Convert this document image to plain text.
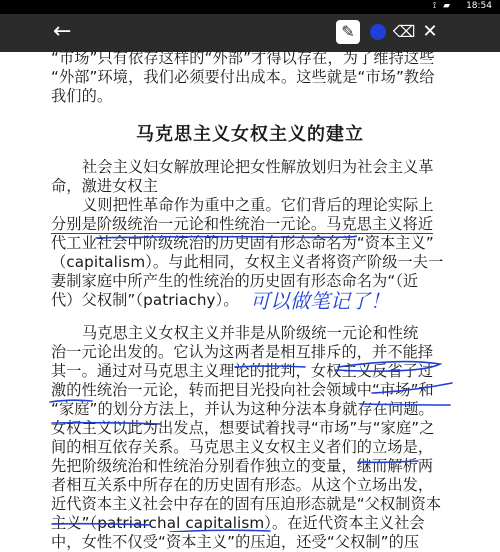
⟟ ▰ 18:54
←	✎	⌫ ✕
“市场”只有依存这样的“外部”才得以存在，为了维持这些
“外部”环境，我们必须要付出成本。这些就是“市场”教给
我们的。
马克思主义女权主义的建立
社会主义妇女解放理论把女性解放划归为社会主义革
命，激进女权主
义则把性革命作为重中之重。它们背后的理论实际上
分别是阶级统治一元论和性统治一元论。马克思主义将近
代工业社会中阶级统治的历史固有形态命名为“资本主义”
（capitalism）。与此相同，女权主义者将资产阶级一夫一
妻制家庭中所产生的性统治的历史固有形态命名为“（近
代）父权制”（patriachy）。
马克思主义女权主义并非是从阶级统一元论和性统
治一元论出发的。它认为这两者是相互排斥的，并不能择
其一。通过对马克思主义理论的批判，女权主义反省了过
激的性统治一元论，转而把目光投向社会领域中“市场”和
“家庭”的划分方法上，并认为这种分法本身就存在问题。
女权主义以此为出发点，想要试着找寻“市场”与“家庭”之
间的相互依存关系。马克思主义女权主义者们的立场是，
先把阶级统治和性统治分别看作独立的变量，继而解析两
者相互关系中所存在的历史固有形态。从这个立场出发，
近代资本主义社会中存在的固有压迫形态就是“父权制资本
主义”（patriarchal capitalism）。在近代资本主义社会
中，女性不仅受“资本主义”的压迫，还受“父权制”的压
可以做笔记了！
